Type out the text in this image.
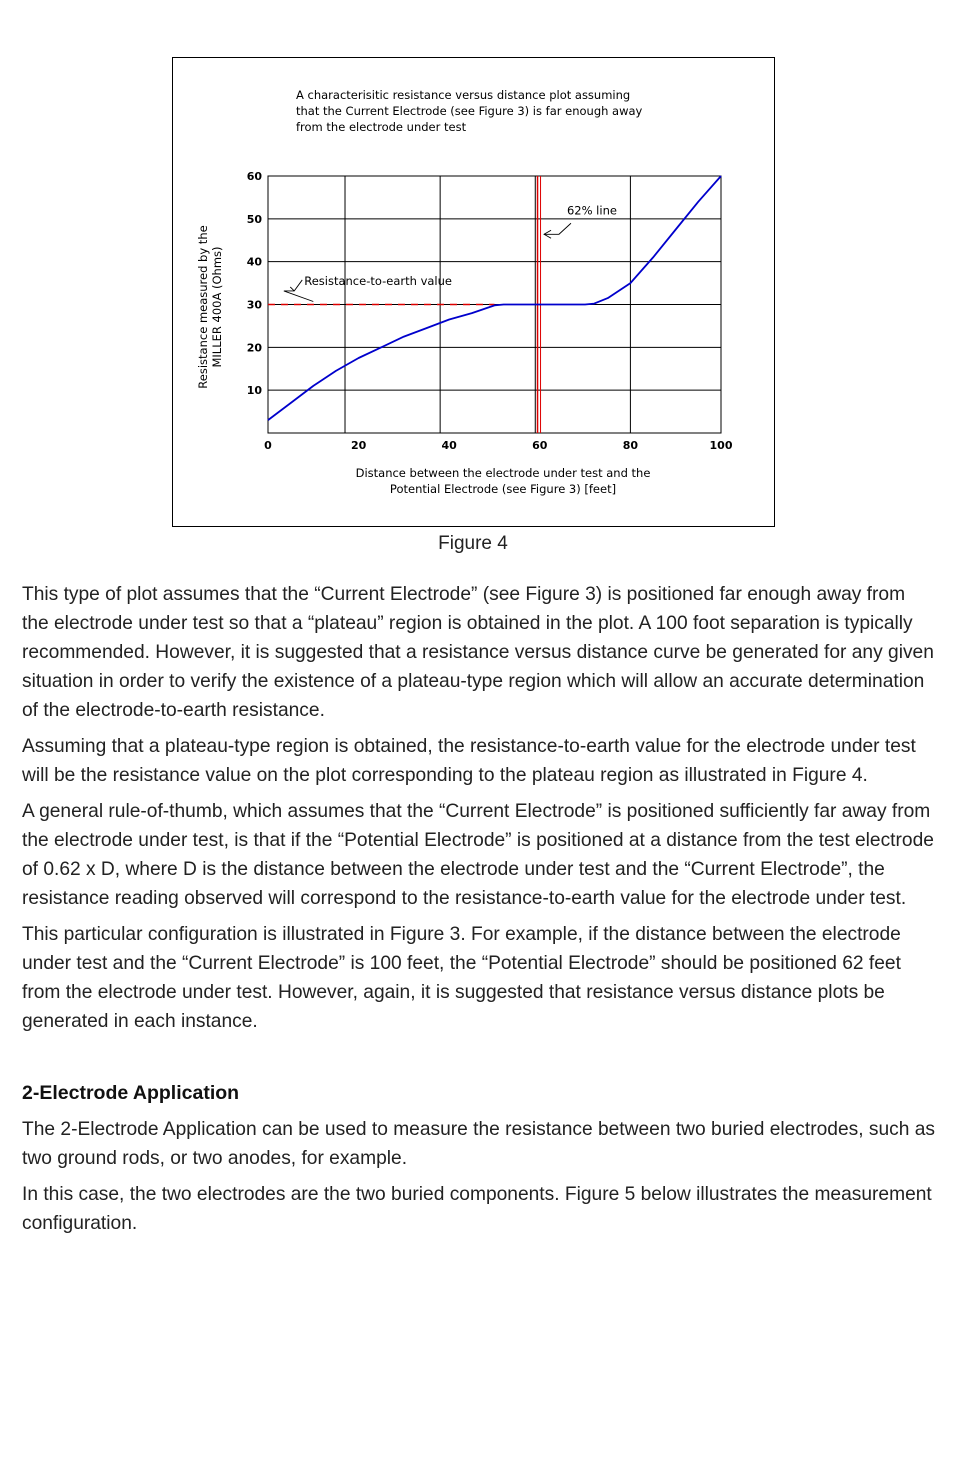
A characterisitic resistance versus distance plot assuming
that the Current Electrode (see Figure 3) is far enough away
from the electrode under test
10
20
30
40
50
60
0	20	40	60	80	100
62% line
Resistance-to-earth value
Distance between the electrode under test and the
Potential Electrode (see Figure 3) [feet]
Resistance measured by the MILLER 400A (Ohms)
Figure 4

This type of plot assumes that the “Current Electrode” (see Figure 3) is positioned far enough away from the electrode under test so that a “plateau” region is obtained in the plot. A 100 foot separation is typically recommended. However, it is suggested that a resistance versus distance curve be generated for any given situation in order to verify the existence of a plateau-type region which will allow an accurate determination of the electrode-to-earth resistance.

Assuming that a plateau-type region is obtained, the resistance-to-earth value for the electrode under test will be the resistance value on the plot corresponding to the plateau region as illustrated in Figure 4.

A general rule-of-thumb, which assumes that the “Current Electrode” is positioned sufficiently far away from the electrode under test, is that if the “Potential Electrode” is positioned at a distance from the test electrode of 0.62 x D, where D is the distance between the electrode under test and the “Current Electrode”, the resistance reading observed will correspond to the resistance-to-earth value for the electrode under test.

This particular configuration is illustrated in Figure 3. For example, if the distance between the electrode under test and the “Current Electrode” is 100 feet, the “Potential Electrode” should be positioned 62 feet from the electrode under test. However, again, it is suggested that resistance versus distance plots be generated in each instance.

2-Electrode Application

The 2-Electrode Application can be used to measure the resistance between two buried electrodes, such as two ground rods, or two anodes, for example.

In this case, the two electrodes are the two buried components. Figure 5 below illustrates the measurement configuration.
